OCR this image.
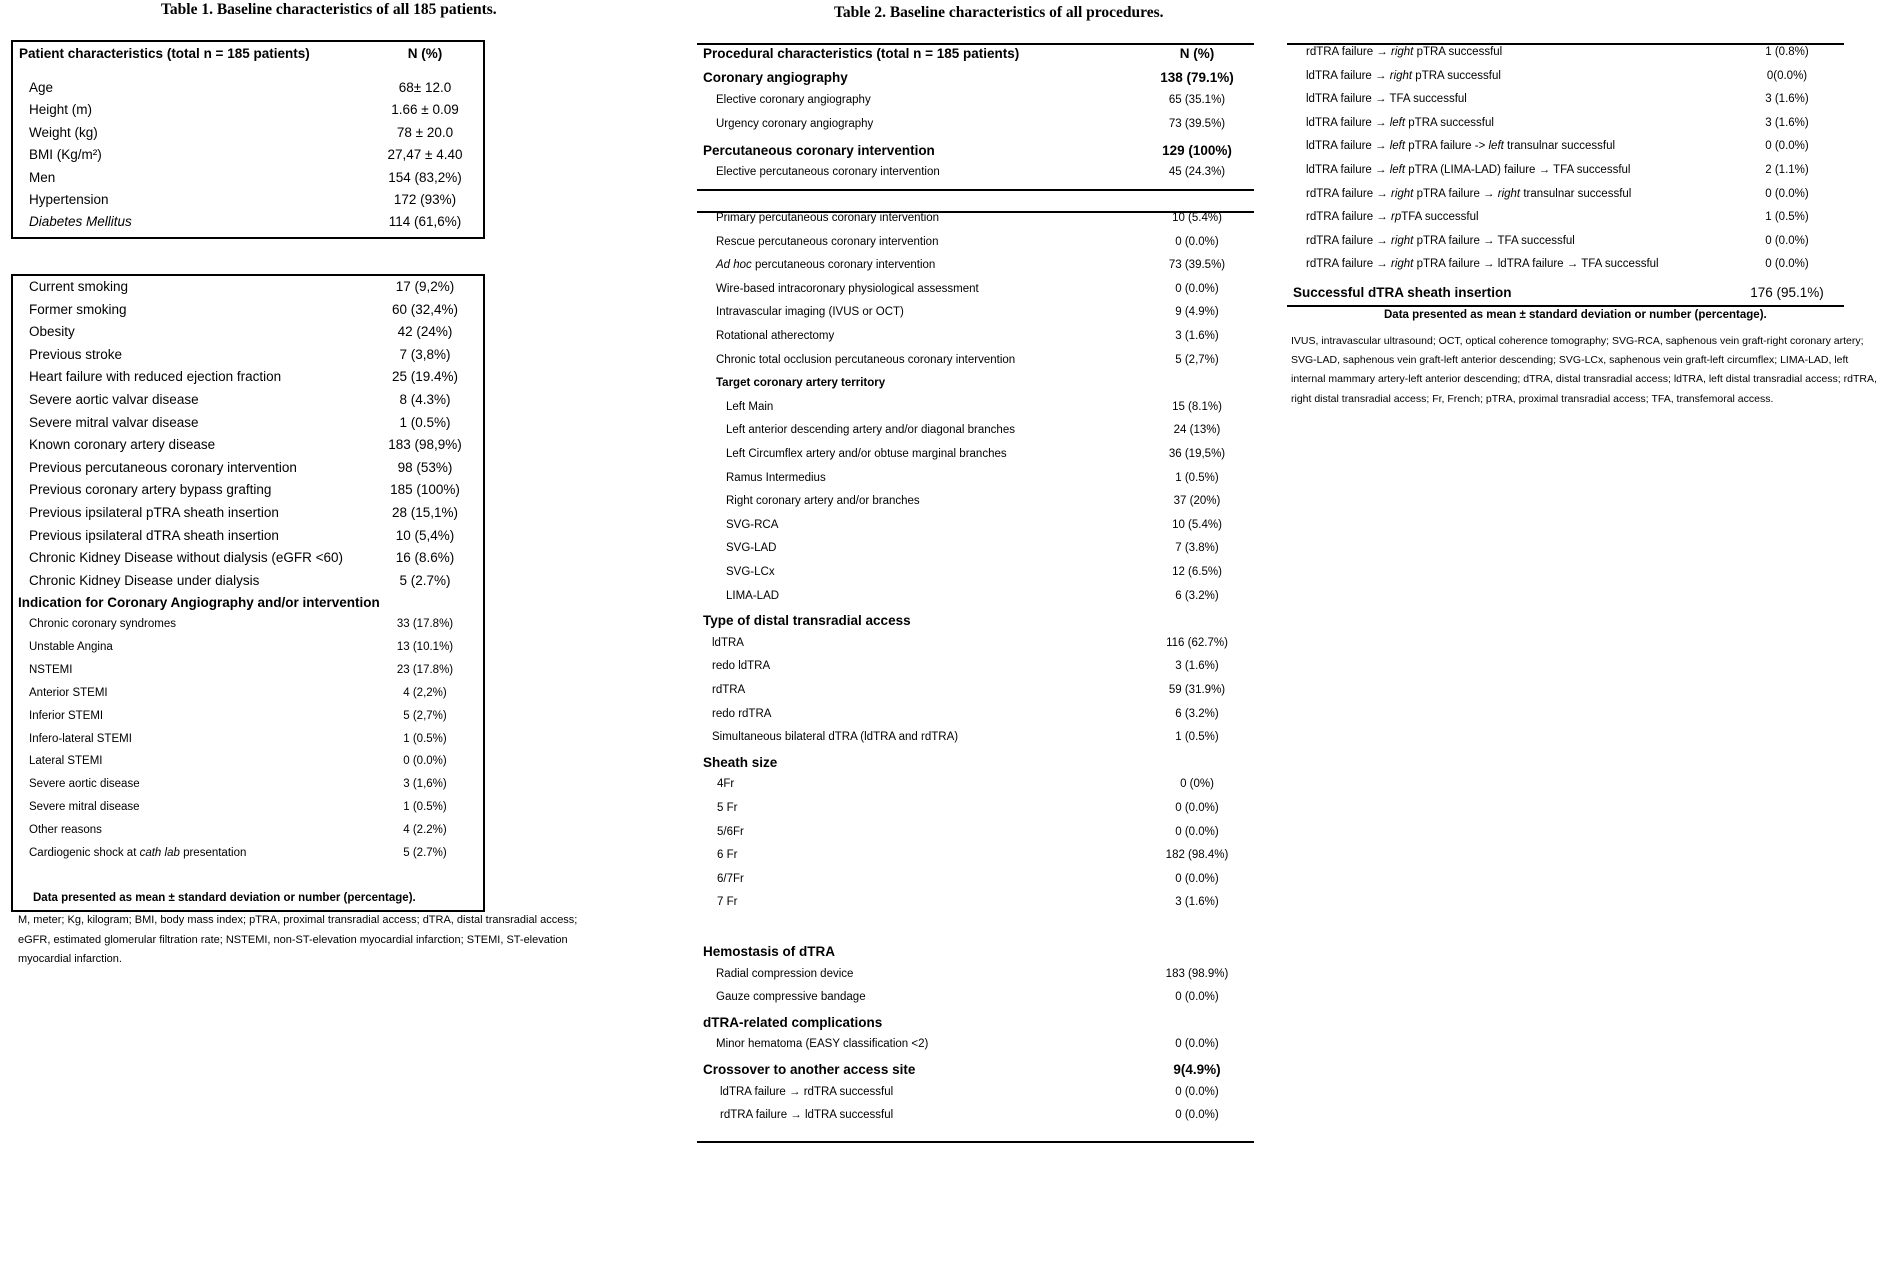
Table 1. Baseline characteristics of all 185 patients.
Patient characteristics (total n = 185 patients)	N (%)
Age	68± 12.0
Height (m)	1.66 ± 0.09
Weight (kg)	78 ± 20.0
BMI (Kg/m²)	27,47 ± 4.40
Men	154 (83,2%)
Hypertension	172 (93%)
Diabetes Mellitus	114 (61,6%)
Current smoking	17 (9,2%)
Former smoking	60 (32,4%)
Obesity	42 (24%)
Previous stroke	7 (3,8%)
Heart failure with reduced ejection fraction	25 (19.4%)
Severe aortic valvar disease	8 (4.3%)
Severe mitral valvar disease	1 (0.5%)
Known coronary artery disease	183 (98,9%)
Previous percutaneous coronary intervention	98 (53%)
Previous coronary artery bypass grafting	185 (100%)
Previous ipsilateral pTRA sheath insertion	28 (15,1%)
Previous ipsilateral dTRA sheath insertion	10 (5,4%)
Chronic Kidney Disease without dialysis (eGFR <60)	16 (8.6%)
Chronic Kidney Disease under dialysis	5 (2.7%)
Indication for Coronary Angiography and/or intervention
Chronic coronary syndromes	33 (17.8%)
Unstable Angina	13 (10.1%)
NSTEMI	23 (17.8%)
Anterior STEMI	4 (2,2%)
Inferior STEMI	5 (2,7%)
Infero-lateral STEMI	1 (0.5%)
Lateral STEMI	0 (0.0%)
Severe aortic disease	3 (1,6%)
Severe mitral disease	1 (0.5%)
Other reasons	4 (2.2%)
Cardiogenic shock at cath lab presentation	5 (2.7%)
Data presented as mean ± standard deviation or number (percentage).
M, meter; Kg, kilogram; BMI, body mass index; pTRA, proximal transradial access; dTRA, distal transradial access;
eGFR, estimated glomerular filtration rate; NSTEMI, non-ST-elevation myocardial infarction; STEMI, ST-elevation
myocardial infarction.
Table 2. Baseline characteristics of all procedures.
Procedural characteristics (total n = 185 patients)	N (%)
Coronary angiography	138 (79.1%)
Elective coronary angiography	65 (35.1%)
Urgency coronary angiography	73 (39.5%)
Percutaneous coronary intervention	129 (100%)
Elective percutaneous coronary intervention	45 (24.3%)
Primary percutaneous coronary intervention	10 (5.4%)
Rescue percutaneous coronary intervention	0 (0.0%)
Ad hoc percutaneous coronary intervention	73 (39.5%)
Wire-based intracoronary physiological assessment	0 (0.0%)
Intravascular imaging (IVUS or OCT)	9 (4.9%)
Rotational atherectomy	3 (1.6%)
Chronic total occlusion percutaneous coronary intervention	5 (2,7%)
Target coronary artery territory
Left Main	15 (8.1%)
Left anterior descending artery and/or diagonal branches	24 (13%)
Left Circumflex artery and/or obtuse marginal branches	36 (19,5%)
Ramus Intermedius	1 (0.5%)
Right coronary artery and/or branches	37 (20%)
SVG-RCA	10 (5.4%)
SVG-LAD	7 (3.8%)
SVG-LCx	12 (6.5%)
LIMA-LAD	6 (3.2%)
Type of distal transradial access
ldTRA	116 (62.7%)
redo ldTRA	3 (1.6%)
rdTRA	59 (31.9%)
redo rdTRA	6 (3.2%)
Simultaneous bilateral dTRA (ldTRA and rdTRA)	1 (0.5%)
Sheath size
4Fr	0 (0%)
5 Fr	0 (0.0%)
5/6Fr	0 (0.0%)
6 Fr	182 (98.4%)
6/7Fr	0 (0.0%)
7 Fr	3 (1.6%)
Hemostasis of dTRA
Radial compression device	183 (98.9%)
Gauze compressive bandage	0 (0.0%)
dTRA-related complications
Minor hematoma (EASY classification <2)	0 (0.0%)
Crossover to another access site	9(4.9%)
ldTRA failure → rdTRA successful	0 (0.0%)
rdTRA failure → ldTRA successful	0 (0.0%)
rdTRA failure → right pTRA successful	1 (0.8%)
ldTRA failure → right pTRA successful	0(0.0%)
ldTRA failure → TFA successful	3 (1.6%)
ldTRA failure → left pTRA successful	3 (1.6%)
ldTRA failure → left pTRA failure -> left transulnar successful	0 (0.0%)
ldTRA failure → left pTRA (LIMA-LAD) failure → TFA successful	2 (1.1%)
rdTRA failure → right pTRA failure → right transulnar successful	0 (0.0%)
rdTRA failure → rpTFA successful	1 (0.5%)
rdTRA failure → right pTRA failure → TFA successful	0 (0.0%)
rdTRA failure → right pTRA failure → ldTRA failure → TFA successful	0 (0.0%)
Successful dTRA sheath insertion	176 (95.1%)
Data presented as mean ± standard deviation or number (percentage).
IVUS, intravascular ultrasound; OCT, optical coherence tomography; SVG-RCA, saphenous vein graft-right coronary artery;
SVG-LAD, saphenous vein graft-left anterior descending; SVG-LCx, saphenous vein graft-left circumflex; LIMA-LAD, left
internal mammary artery-left anterior descending; dTRA, distal transradial access; ldTRA, left distal transradial access; rdTRA,
right distal transradial access; Fr, French; pTRA, proximal transradial access; TFA, transfemoral access.
